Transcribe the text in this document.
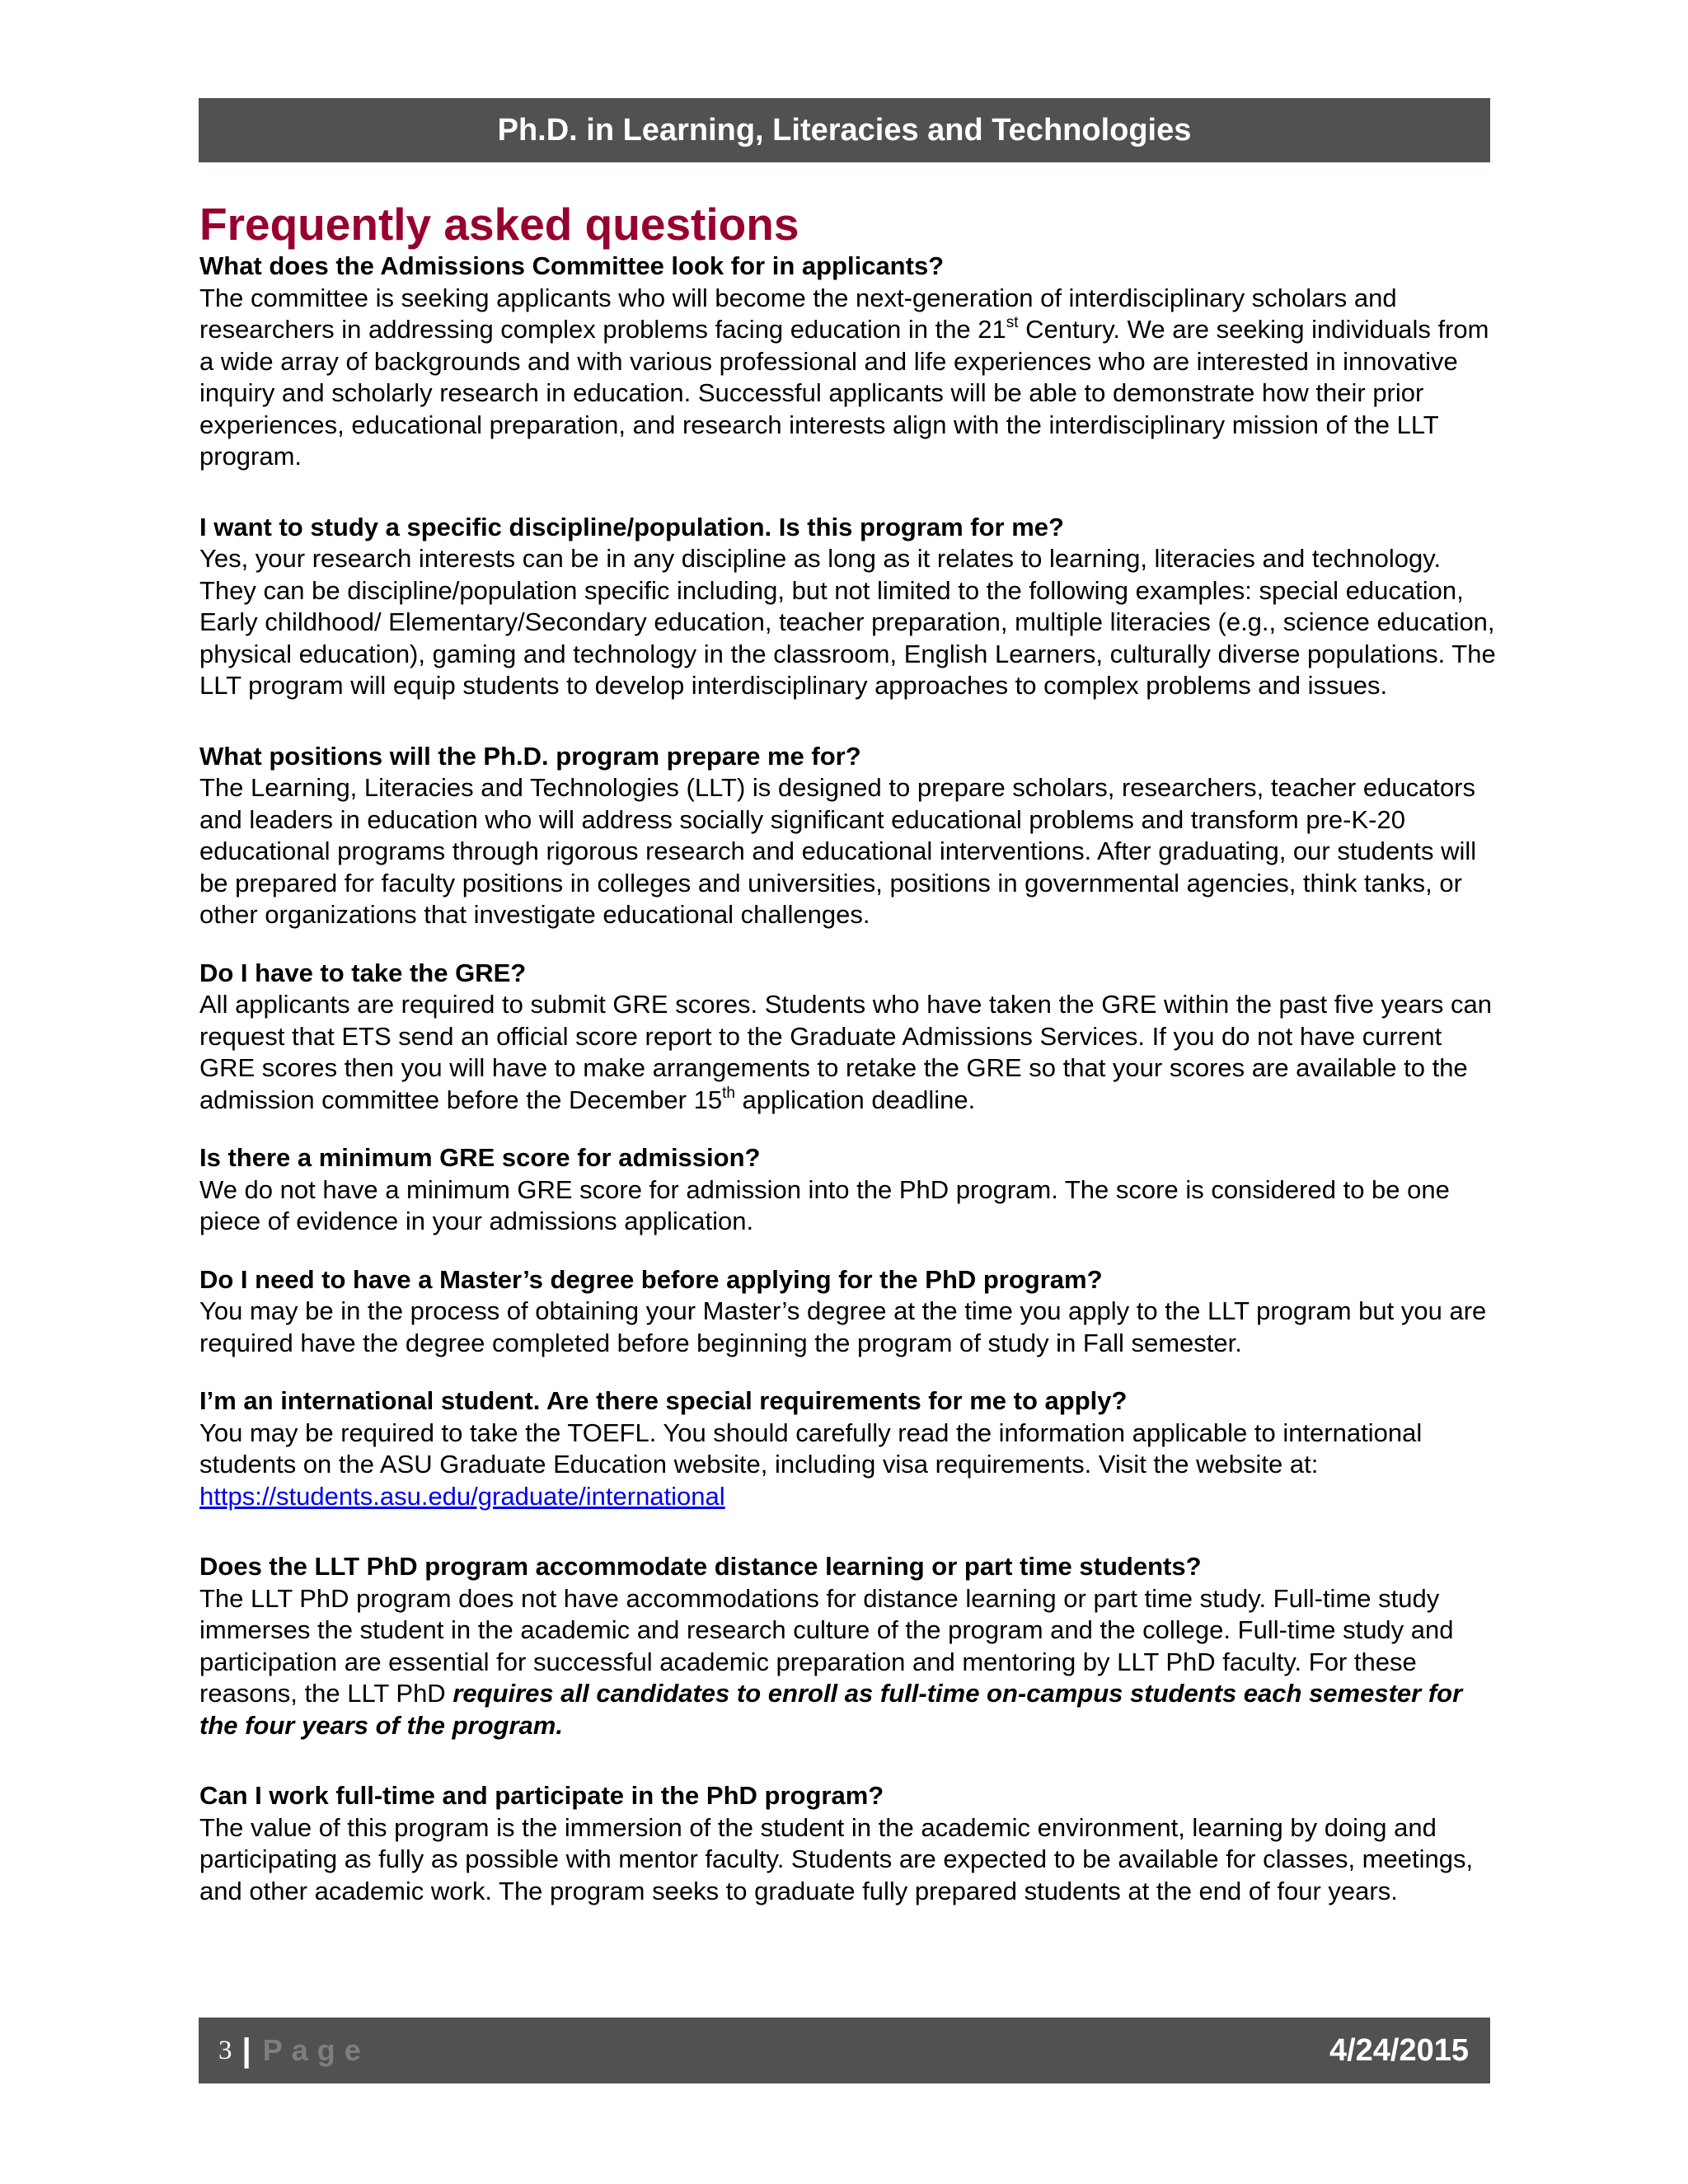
Ph.D. in Learning, Literacies and Technologies
Frequently asked questions

What does the Admissions Committee look for in applicants?

The committee is seeking applicants who will become the next-generation of interdisciplinary scholars and researchers in addressing complex problems facing education in the 21st Century. We are seeking individuals from a wide array of backgrounds and with various professional and life experiences who are interested in innovative inquiry and scholarly research in education. Successful applicants will be able to demonstrate how their prior experiences, educational preparation, and research interests align with the interdisciplinary mission of the LLT program.

I want to study a specific discipline/population. Is this program for me?

Yes, your research interests can be in any discipline as long as it relates to learning, literacies and technology. They can be discipline/population specific including, but not limited to the following examples: special education, Early childhood/ Elementary/Secondary education, teacher preparation, multiple literacies (e.g., science education, physical education), gaming and technology in the classroom, English Learners, culturally diverse populations. The LLT program will equip students to develop interdisciplinary approaches to complex problems and issues.

What positions will the Ph.D. program prepare me for?

The Learning, Literacies and Technologies (LLT) is designed to prepare scholars, researchers, teacher educators and leaders in education who will address socially significant educational problems and transform pre-K-20 educational programs through rigorous research and educational interventions. After graduating, our students will be prepared for faculty positions in colleges and universities, positions in governmental agencies, think tanks, or other organizations that investigate educational challenges.

Do I have to take the GRE?

All applicants are required to submit GRE scores. Students who have taken the GRE within the past five years can request that ETS send an official score report to the Graduate Admissions Services. If you do not have current GRE scores then you will have to make arrangements to retake the GRE so that your scores are available to the admission committee before the December 15th application deadline.

Is there a minimum GRE score for admission?

We do not have a minimum GRE score for admission into the PhD program. The score is considered to be one piece of evidence in your admissions application.

Do I need to have a Master’s degree before applying for the PhD program?

You may be in the process of obtaining your Master’s degree at the time you apply to the LLT program but you are required have the degree completed before beginning the program of study in Fall semester.

I’m an international student. Are there special requirements for me to apply?

You may be required to take the TOEFL. You should carefully read the information applicable to international students on the ASU Graduate Education website, including visa requirements. Visit the website at: https://students.asu.edu/graduate/international

Does the LLT PhD program accommodate distance learning or part time students?

The LLT PhD program does not have accommodations for distance learning or part time study. Full-time study immerses the student in the academic and research culture of the program and the college. Full-time study and participation are essential for successful academic preparation and mentoring by LLT PhD faculty. For these reasons, the LLT PhD requires all candidates to enroll as full-time on-campus students each semester for the four years of the program.

Can I work full-time and participate in the PhD program?

The value of this program is the immersion of the student in the academic environment, learning by doing and participating as fully as possible with mentor faculty. Students are expected to be available for classes, meetings, and other academic work. The program seeks to graduate fully prepared students at the end of four years.

3 | Page	4/24/2015
